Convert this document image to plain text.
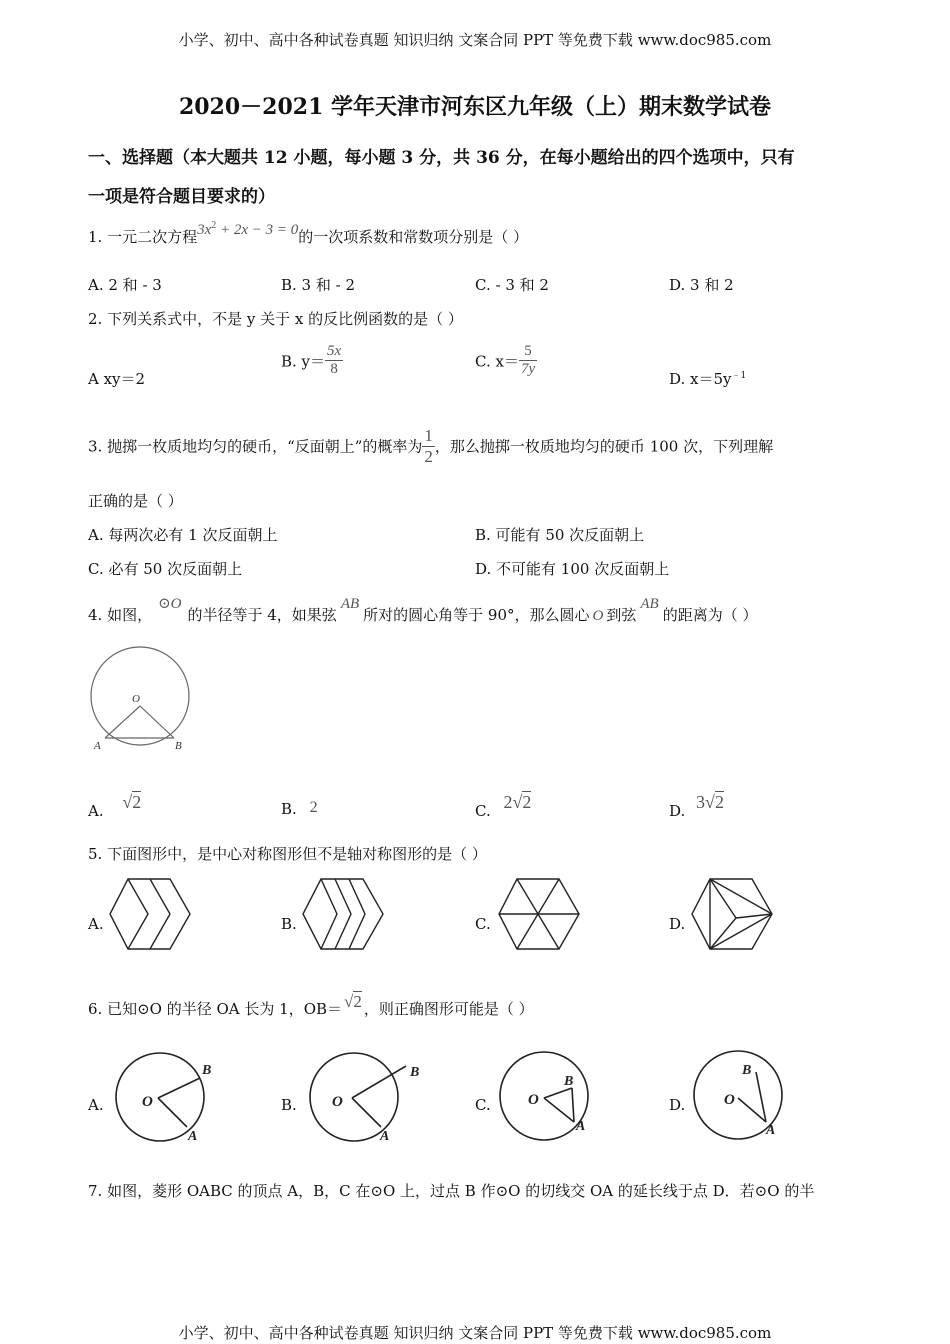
小学、初中、高中各种试卷真题 知识归纳 文案合同 PPT 等免费下载 www.doc985.com
2020－2021 学年天津市河东区九年级（上）期末数学试卷
一、选择题（本大题共 12 小题，每小题 3 分，共 36 分，在每小题给出的四个选项中，只有
一项是符合题目要求的）
1. 一元二次方程$3x^2 + 2x - 3 = 0$的一次项系数和常数项分别是（ ）
A. 2 和 ‑ 3	B. 3 和 ‑ 2	C. ‑ 3 和 2	D. 3 和 2
2. 下列关系式中，不是 y 关于 x 的反比例函数的是（ ）
A xy＝2
B. $y= \frac{5x}{8}$	C. $x= \frac{5}{7y}$
D. $x=5y^{﹣1}$
3. 抛掷一枚质地均匀的硬币，“反面朝上”的概率为 $\frac{1}{2}$ ，那么抛掷一枚质地均匀的硬币 100 次，下列理解
正确的是（ ）
A. 每两次必有 1 次反面朝上	B. 可能有 50 次反面朝上
C. 必有 50 次反面朝上	D. 不可能有 100 次反面朝上
4. 如图，⊙O的半径等于 4，如果弦AB所对的圆心角等于 90°，那么圆心 O 到弦AB的距离为（ ）
O
A	B
A. √2	B. 2	C. 2√2	D. 3√2
5. 下面图形中，是中心对称图形但不是轴对称图形的是（ ）
A.	B.	C.	D.
6. 已知⊙O 的半径 OA 长为 1，OB＝ √2 ，则正确图形可能是（ ）
A.	O
A
B
B. O
A
B
C. O
A
B
D.	O
A
B
7. 如图，菱形 OABC 的顶点 A，B，C 在⊙O 上，过点 B 作⊙O 的切线交 OA 的延长线于点 D．若⊙O 的半
小学、初中、高中各种试卷真题 知识归纳 文案合同 PPT 等免费下载 www.doc985.com
